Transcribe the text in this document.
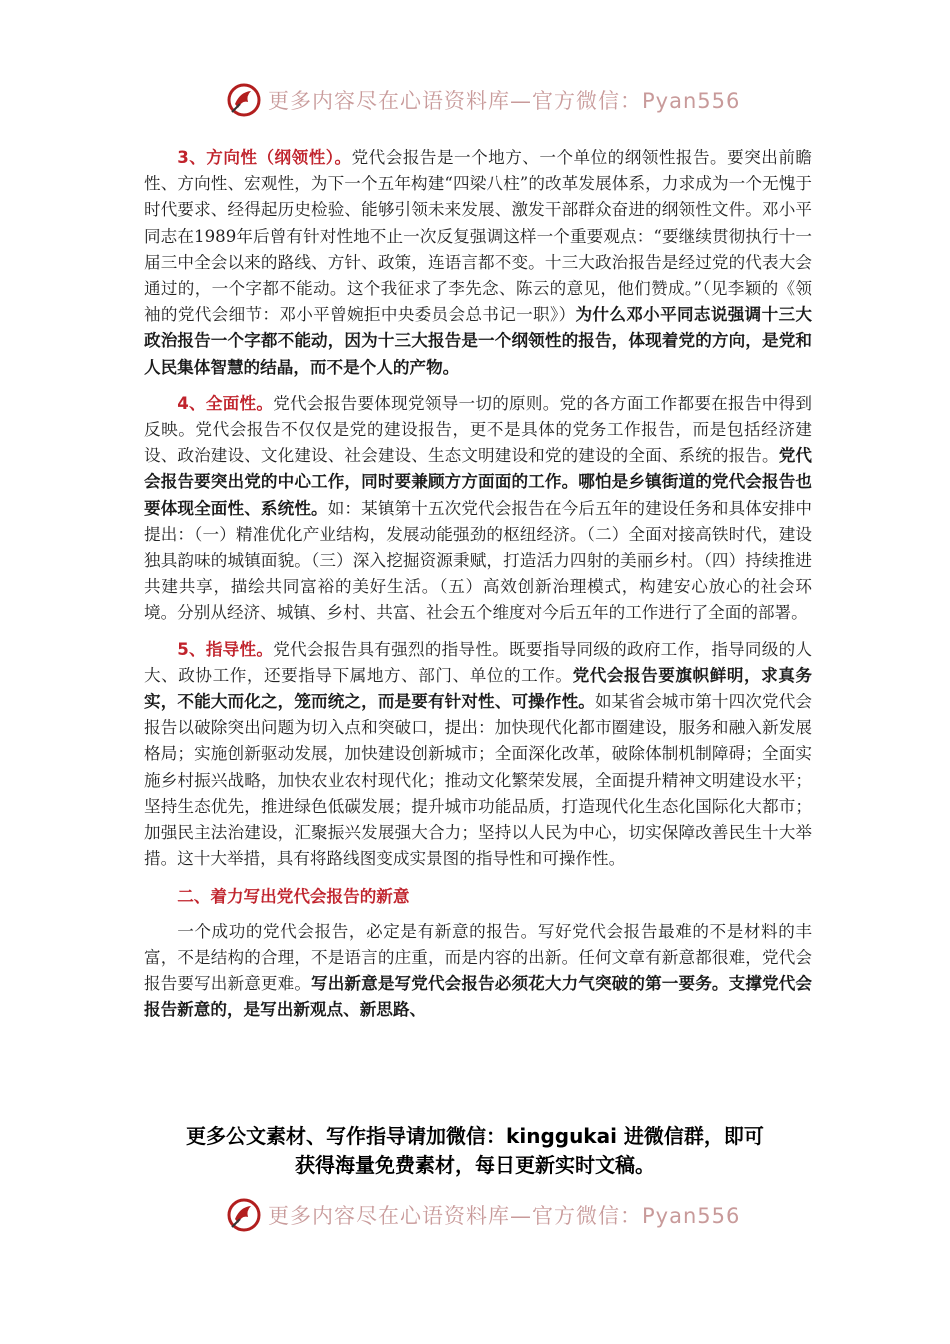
更多内容尽在心语资料库—官方微信：Pyan556

3、方向性（纲领性）。党代会报告是一个地方、一个单位的纲领性报告。要突出前瞻性、方向性、宏观性，为下一个五年构建“四梁八柱”的改革发展体系，力求成为一个无愧于时代要求、经得起历史检验、能够引领未来发展、激发干部群众奋进的纲领性文件。邓小平同志在1989年后曾有针对性地不止一次反复强调这样一个重要观点：“要继续贯彻执行十一届三中全会以来的路线、方针、政策，连语言都不变。十三大政治报告是经过党的代表大会通过的，一个字都不能动。这个我征求了李先念、陈云的意见，他们赞成。”（见李颖的《领袖的党代会细节：邓小平曾婉拒中央委员会总书记一职》）为什么邓小平同志说强调十三大政治报告一个字都不能动，因为十三大报告是一个纲领性的报告，体现着党的方向，是党和人民集体智慧的结晶，而不是个人的产物。

4、全面性。党代会报告要体现党领导一切的原则。党的各方面工作都要在报告中得到反映。党代会报告不仅仅是党的建设报告，更不是具体的党务工作报告，而是包括经济建设、政治建设、文化建设、社会建设、生态文明建设和党的建设的全面、系统的报告。党代会报告要突出党的中心工作，同时要兼顾方方面面的工作。哪怕是乡镇街道的党代会报告也要体现全面性、系统性。如：某镇第十五次党代会报告在今后五年的建设任务和具体安排中提出：（一）精准优化产业结构，发展动能强劲的枢纽经济。（二）全面对接高铁时代，建设独具韵味的城镇面貌。（三）深入挖掘资源秉赋，打造活力四射的美丽乡村。（四）持续推进共建共享，描绘共同富裕的美好生活。（五）高效创新治理模式，构建安心放心的社会环境。分别从经济、城镇、乡村、共富、社会五个维度对今后五年的工作进行了全面的部署。

5、指导性。党代会报告具有强烈的指导性。既要指导同级的政府工作，指导同级的人大、政协工作，还要指导下属地方、部门、单位的工作。党代会报告要旗帜鲜明，求真务实，不能大而化之，笼而统之，而是要有针对性、可操作性。如某省会城市第十四次党代会报告以破除突出问题为切入点和突破口，提出：加快现代化都市圈建设，服务和融入新发展格局；实施创新驱动发展，加快建设创新城市；全面深化改革，破除体制机制障碍；全面实施乡村振兴战略，加快农业农村现代化；推动文化繁荣发展，全面提升精神文明建设水平；坚持生态优先，推进绿色低碳发展；提升城市功能品质，打造现代化生态化国际化大都市；加强民主法治建设，汇聚振兴发展强大合力；坚持以人民为中心，切实保障改善民生十大举措。这十大举措，具有将路线图变成实景图的指导性和可操作性。

二、着力写出党代会报告的新意

一个成功的党代会报告，必定是有新意的报告。写好党代会报告最难的不是材料的丰富，不是结构的合理，不是语言的庄重，而是内容的出新。任何文章有新意都很难，党代会报告要写出新意更难。写出新意是写党代会报告必须花大力气突破的第一要务。支撑党代会报告新意的，是写出新观点、新思路、

更多公文素材、写作指导请加微信：kinggukai 进微信群，即可
获得海量免费素材，每日更新实时文稿。
更多内容尽在心语资料库—官方微信：Pyan556
